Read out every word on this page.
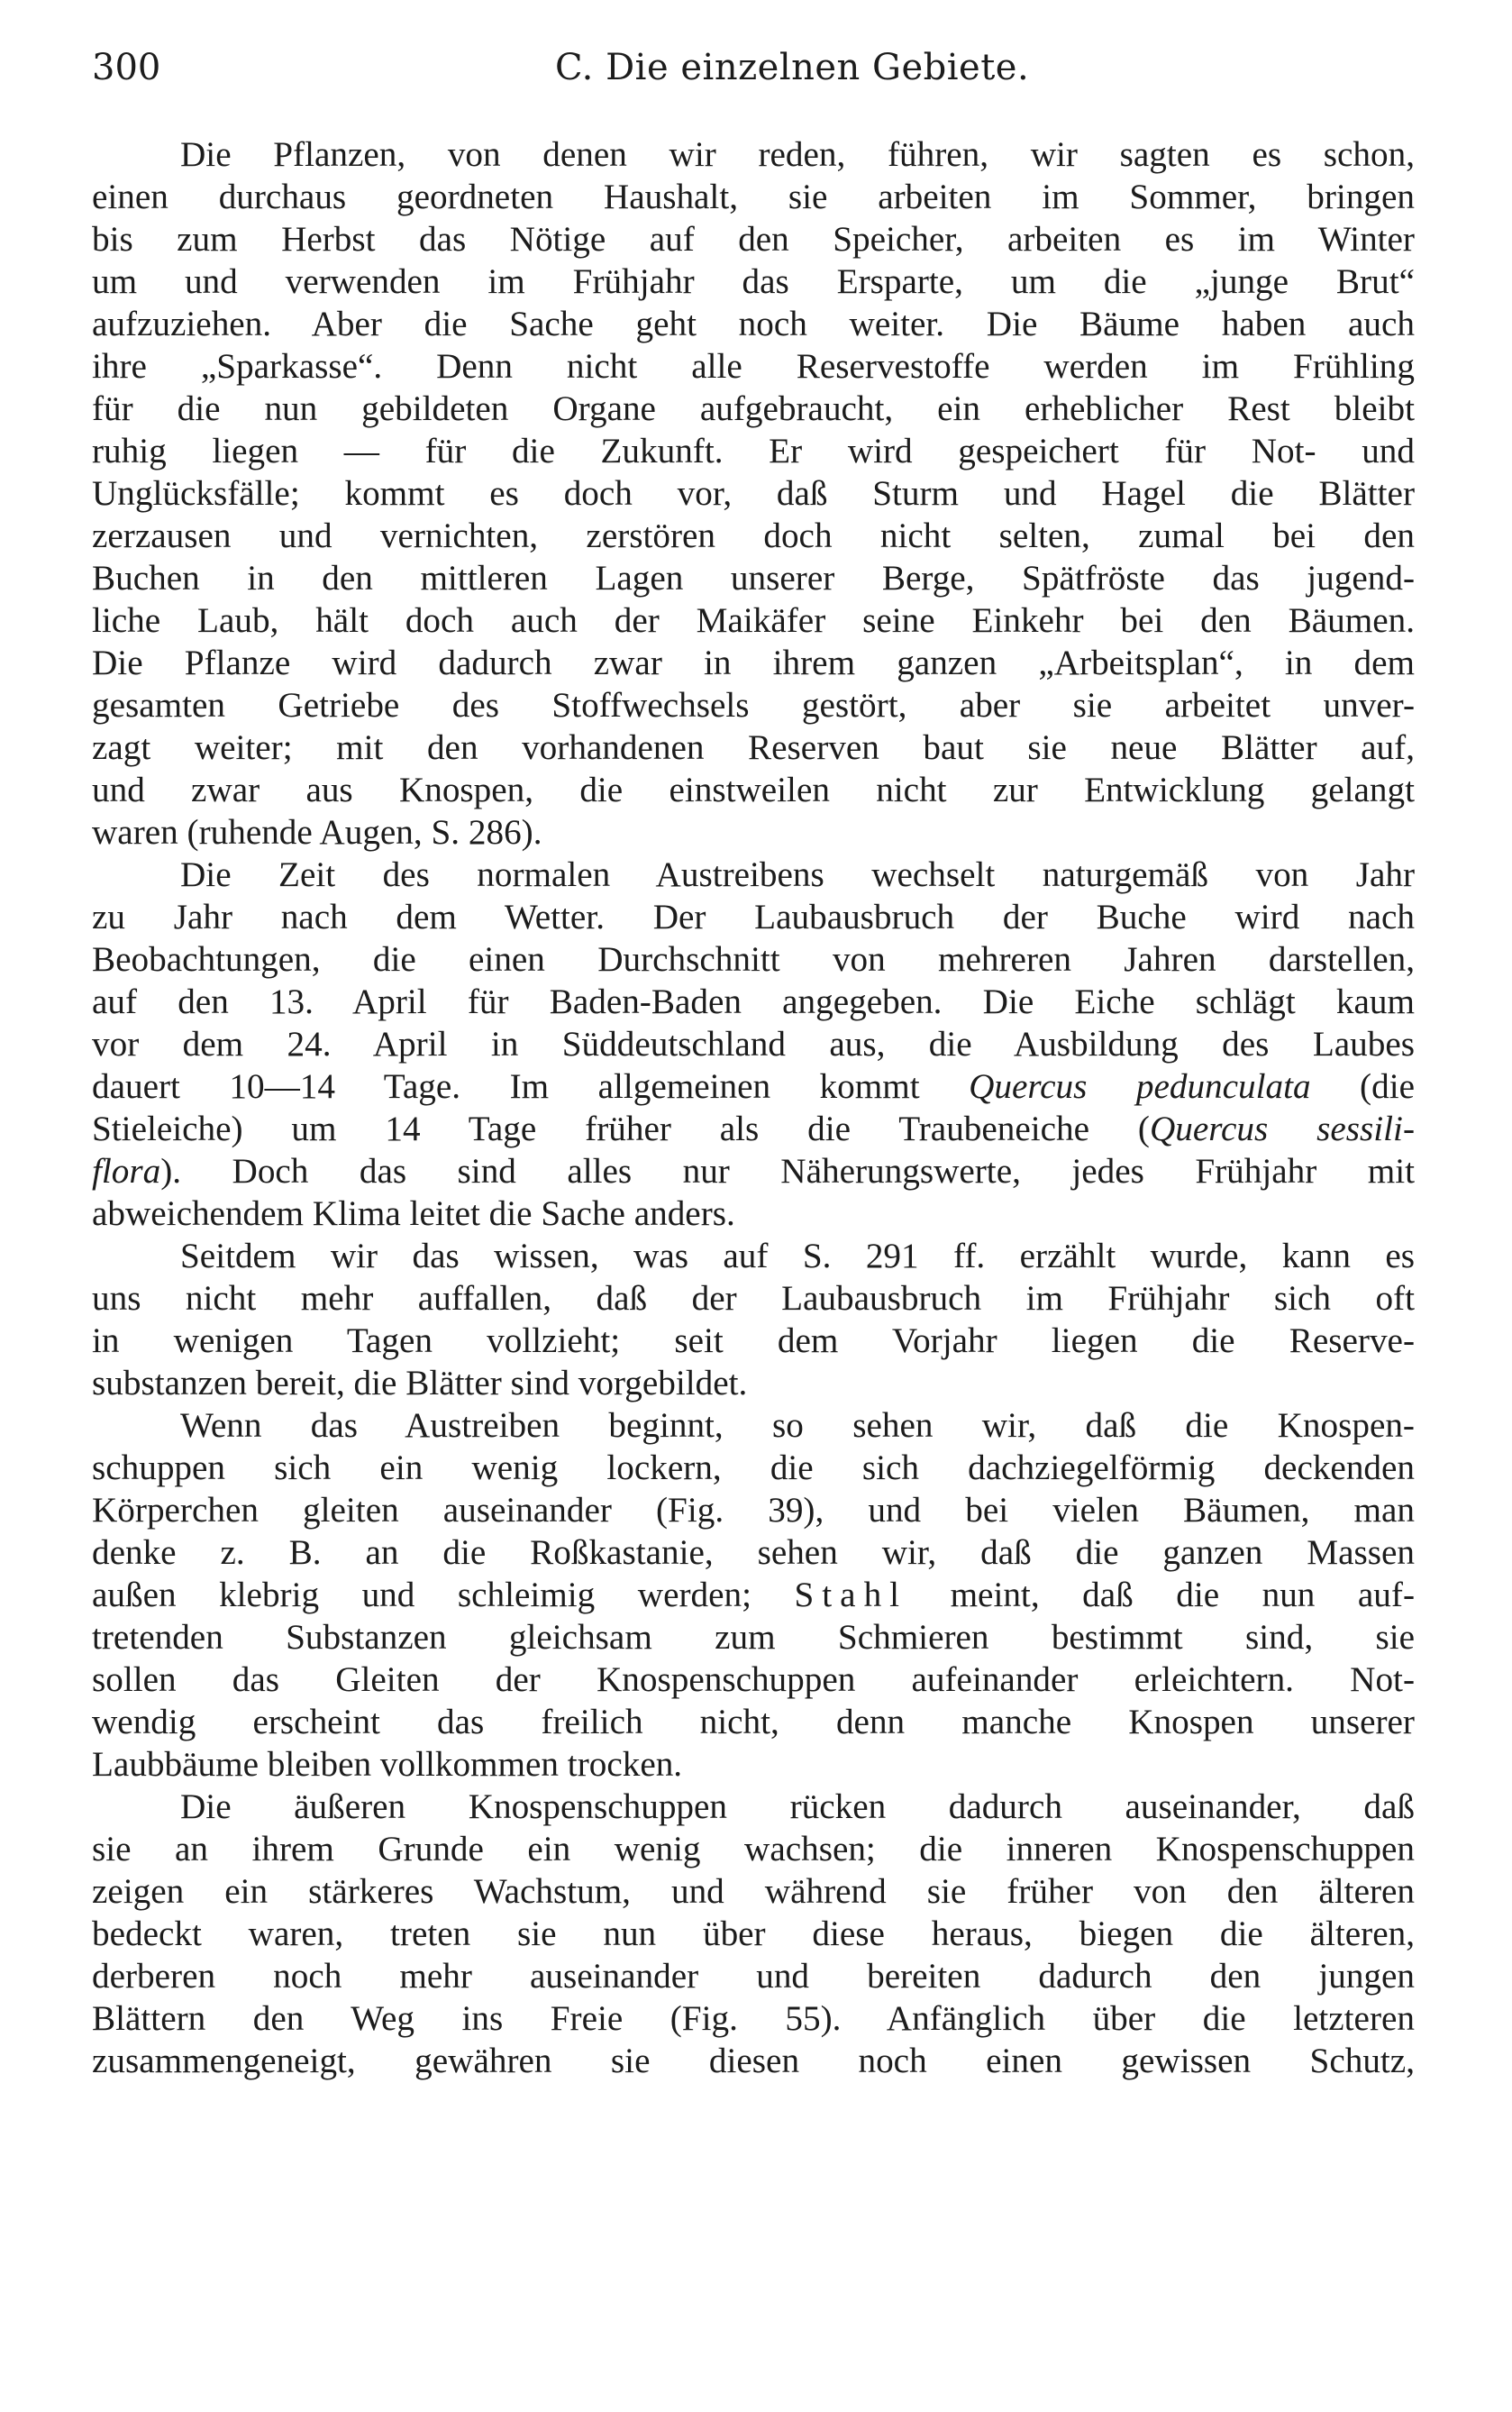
300	C. Die einzelnen Gebiete.
Die Pflanzen, von denen wir reden, führen, wir sagten es schon,
einen durchaus geordneten Haushalt, sie arbeiten im Sommer, bringen
bis zum Herbst das Nötige auf den Speicher, arbeiten es im Winter
um und verwenden im Frühjahr das Ersparte, um die „junge Brut“
aufzuziehen. Aber die Sache geht noch weiter. Die Bäume haben auch
ihre „Sparkasse“. Denn nicht alle Reservestoffe werden im Frühling
für die nun gebildeten Organe aufgebraucht, ein erheblicher Rest bleibt
ruhig liegen — für die Zukunft. Er wird gespeichert für Not- und
Unglücksfälle; kommt es doch vor, daß Sturm und Hagel die Blätter
zerzausen und vernichten, zerstören doch nicht selten, zumal bei den
Buchen in den mittleren Lagen unserer Berge, Spätfröste das jugend-
liche Laub, hält doch auch der Maikäfer seine Einkehr bei den Bäumen.
Die Pflanze wird dadurch zwar in ihrem ganzen „Arbeitsplan“, in dem
gesamten Getriebe des Stoffwechsels gestört, aber sie arbeitet unver-
zagt weiter; mit den vorhandenen Reserven baut sie neue Blätter auf,
und zwar aus Knospen, die einstweilen nicht zur Entwicklung gelangt
waren (ruhende Augen, S. 286).
Die Zeit des normalen Austreibens wechselt naturgemäß von Jahr
zu Jahr nach dem Wetter. Der Laubausbruch der Buche wird nach
Beobachtungen, die einen Durchschnitt von mehreren Jahren darstellen,
auf den 13. April für Baden-Baden angegeben. Die Eiche schlägt kaum
vor dem 24. April in Süddeutschland aus, die Ausbildung des Laubes
dauert 10—14 Tage. Im allgemeinen kommt Quercus pedunculata (die
Stieleiche) um 14 Tage früher als die Traubeneiche (Quercus sessili-
flora). Doch das sind alles nur Näherungswerte, jedes Frühjahr mit
abweichendem Klima leitet die Sache anders.
Seitdem wir das wissen, was auf S. 291 ff. erzählt wurde, kann es
uns nicht mehr auffallen, daß der Laubausbruch im Frühjahr sich oft
in wenigen Tagen vollzieht; seit dem Vorjahr liegen die Reserve-
substanzen bereit, die Blätter sind vorgebildet.
Wenn das Austreiben beginnt, so sehen wir, daß die Knospen-
schuppen sich ein wenig lockern, die sich dachziegelförmig deckenden
Körperchen gleiten auseinander (Fig. 39), und bei vielen Bäumen, man
denke z. B. an die Roßkastanie, sehen wir, daß die ganzen Massen
außen klebrig und schleimig werden; Stahl meint, daß die nun auf-
tretenden Substanzen gleichsam zum Schmieren bestimmt sind, sie
sollen das Gleiten der Knospenschuppen aufeinander erleichtern. Not-
wendig erscheint das freilich nicht, denn manche Knospen unserer
Laubbäume bleiben vollkommen trocken.
Die äußeren Knospenschuppen rücken dadurch auseinander, daß
sie an ihrem Grunde ein wenig wachsen; die inneren Knospenschuppen
zeigen ein stärkeres Wachstum, und während sie früher von den älteren
bedeckt waren, treten sie nun über diese heraus, biegen die älteren,
derberen noch mehr auseinander und bereiten dadurch den jungen
Blättern den Weg ins Freie (Fig. 55). Anfänglich über die letzteren
zusammengeneigt, gewähren sie diesen noch einen gewissen Schutz,
